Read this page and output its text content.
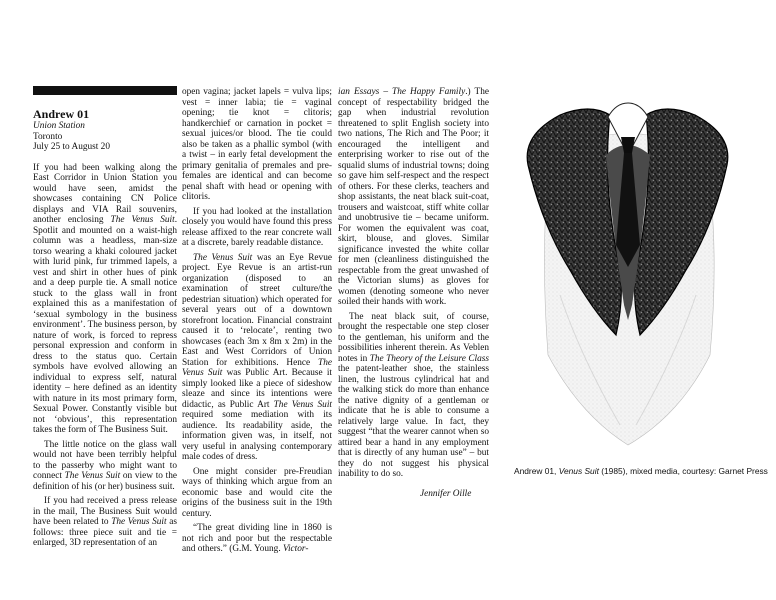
Andrew 01
Union Station
Toronto
July 25 to August 20

If you had been walking along the East Corridor in Union Station you would have seen, amidst the showcases containing CN Police displays and VIA Rail souvenirs, another enclosing The Venus Suit. Spotlit and mounted on a waist-high column was a headless, man-size torso wearing a khaki coloured jacket with lurid pink, fur trimmed lapels, a vest and shirt in other hues of pink and a deep purple tie. A small notice stuck to the glass wall in front explained this as a manifestation of ‘sexual symbology in the business environment’. The business person, by nature of work, is forced to repress personal expression and conform in dress to the status quo. Certain symbols have evolved allowing an individual to express self, natural identity – here defined as an identity with nature in its most primary form, Sexual Power. Constantly visible but not ‘obvious’, this representation takes the form of The Business Suit.

The little notice on the glass wall would not have been terribly helpful to the passerby who might want to connect The Venus Suit on view to the definition of his (or her) business suit.

If you had received a press release in the mail, The Business Suit would have been related to The Venus Suit as follows: three piece suit and tie = enlarged, 3D representation of an

open vagina; jacket lapels = vulva lips; vest = inner labia; tie = vaginal opening; tie knot = clitoris; handkerchief or carnation in pocket = sexual juices/or blood. The tie could also be taken as a phallic symbol (with a twist – in early fetal development the primary genitalia of premales and pre-females are identical and can become penal shaft with head or opening with clitoris.

If you had looked at the installation closely you would have found this press release affixed to the rear concrete wall at a discrete, barely readable distance.

The Venus Suit was an Eye Revue project. Eye Revue is an artist-run organization (disposed to an examination of street culture/the pedestrian situation) which operated for several years out of a downtown storefront location. Financial constraint caused it to ‘relocate’, renting two showcases (each 3m x 8m x 2m) in the East and West Corridors of Union Station for exhibitions. Hence The Venus Suit was Public Art. Because it simply looked like a piece of sideshow sleaze and since its intentions were didactic, as Public Art The Venus Suit required some mediation with its audience. Its readability aside, the information given was, in itself, not very useful in analysing contemporary male codes of dress.

One might consider pre-Freudian ways of thinking which argue from an economic base and would cite the origins of the business suit in the 19th century.

“The great dividing line in 1860 is not rich and poor but the respectable and others.” (G.M. Young. Victor-

ian Essays – The Happy Family.) The concept of respectability bridged the gap when industrial revolution threatened to split English society into two nations, The Rich and The Poor; it encouraged the intelligent and enterprising worker to rise out of the squalid slums of industrial towns; doing so gave him self-respect and the respect of others. For these clerks, teachers and shop assistants, the neat black suit-coat, trousers and waistcoat, stiff white collar and unobtrusive tie – became uniform. For women the equivalent was coat, skirt, blouse, and gloves. Similar significance invested the white collar for men (cleanliness distinguished the respectable from the great unwashed of the Victorian slums) as gloves for women (denoting someone who never soiled their hands with work.

The neat black suit, of course, brought the respectable one step closer to the gentleman, his uniform and the possibilities inherent therein. As Veblen notes in The Theory of the Leisure Class the patent-leather shoe, the stainless linen, the lustrous cylindrical hat and the walking stick do more than enhance the native dignity of a gentleman or indicate that he is able to consume a relatively large value. In fact, they suggest “that the wearer cannot when so attired bear a hand in any employment that is directly of any human use” – but they do not suggest his physical inability to do so.

Jennifer Oille
Andrew 01, Venus Suit (1985), mixed media, courtesy: Garnet Press
